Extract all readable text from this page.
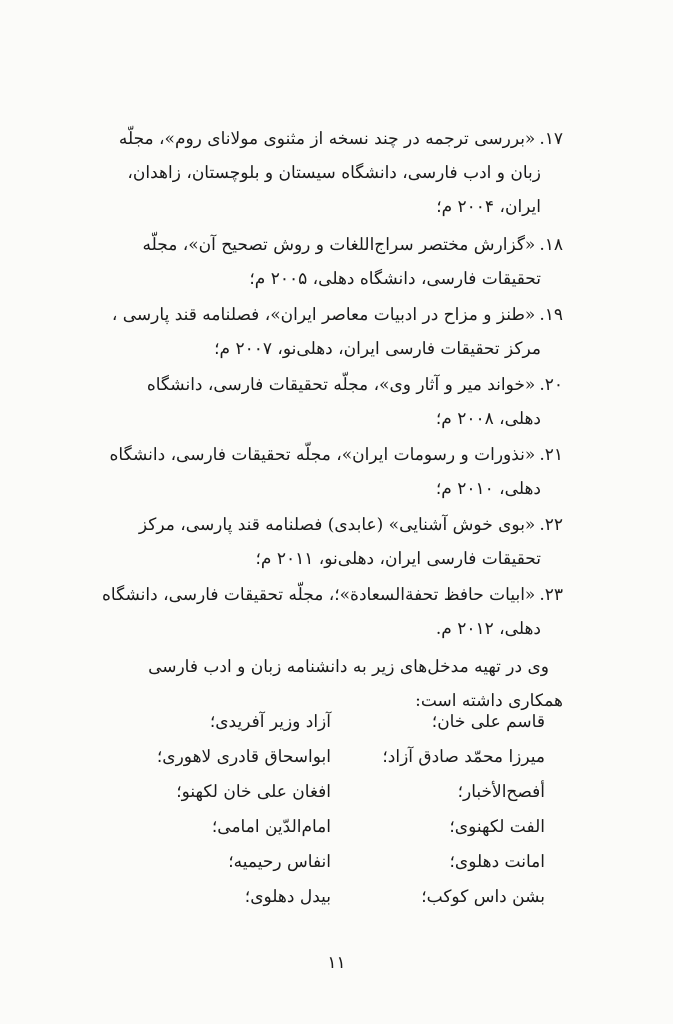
۱۷.«بررسی ترجمه در چند نسخه از مثنوی مولانای روم»، مجلّه
زبان و ادب فارسی، دانشگاه سیستان و بلوچستان، زاهدان،
ایران، ۲۰۰۴ م؛
۱۸.«گزارش مختصر سراج‌اللغات و روش تصحیح آن»، مجلّه
تحقیقات فارسی، دانشگاه دهلی، ۲۰۰۵ م؛
۱۹.«طنز و مزاح در ادبیات معاصر ایران»، فصلنامه قند پارسی ،
مرکز تحقیقات فارسی ایران، دهلی‌نو، ۲۰۰۷ م؛
۲۰.«خواند میر و آثار وی»، مجلّه تحقیقات فارسی، دانشگاه
دهلی، ۲۰۰۸ م؛
۲۱.«نذورات و رسومات ایران»، مجلّه تحقیقات فارسی، دانشگاه
دهلی، ۲۰۱۰ م؛
۲۲.«بوی خوش آشنایی» (عابدی) فصلنامه قند پارسی، مرکز
تحقیقات فارسی ایران، دهلی‌نو، ۲۰۱۱ م؛
۲۳.«ابیات حافظ تحفة‌السعادة»؛، مجلّه تحقیقات فارسی، دانشگاه
دهلی، ۲۰۱۲ م.
وی در تهیه مدخل‌های زیر به دانشنامه زبان و ادب فارسی
همکاری داشته است:
قاسم علی خان؛
آزاد وزیر آفریدی؛
میرزا محمّد صادق آزاد؛
ابواسحاق قادری لاهوری؛
أفصح‌الأخبار؛
افغان علی خان لکهنو؛
الفت لکهنوی؛
امام‌الدّین امامی؛
امانت دهلوی؛
انفاس رحیمیه؛
بشن داس کوکب؛
بیدل دهلوی؛
۱۱
